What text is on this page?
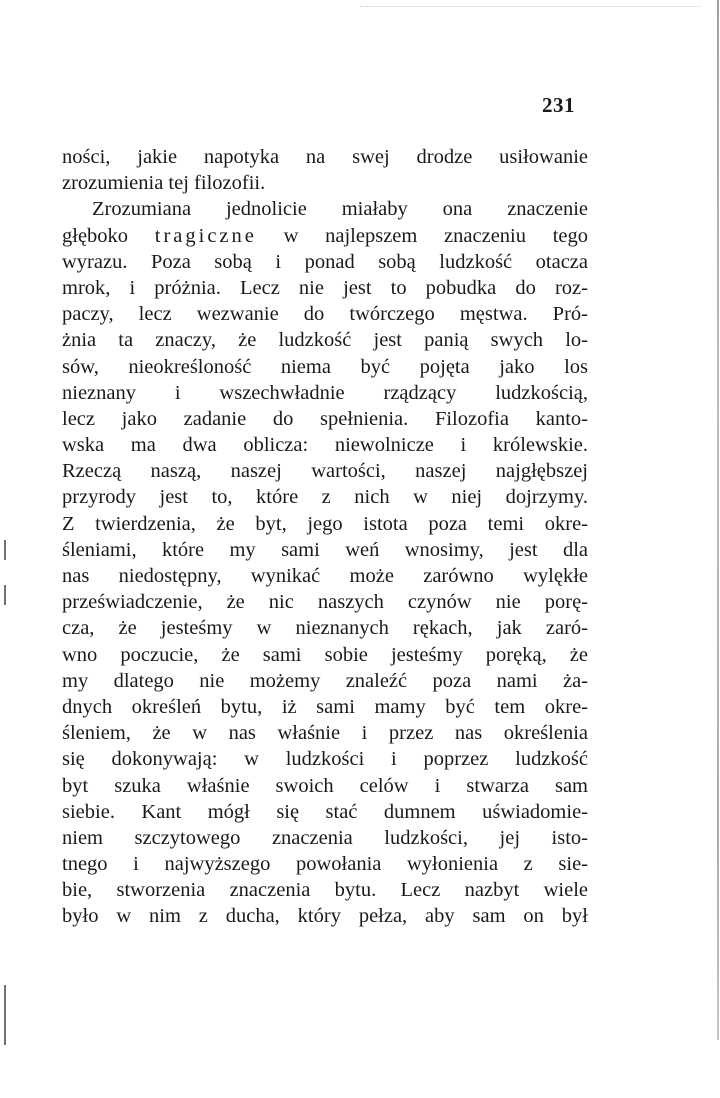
231
ności, jakie napotyka na swej drodze usiłowanie
zrozumienia tej filozofii.
Zrozumiana jednolicie miałaby ona znaczenie
głęboko tragiczne w najlepszem znaczeniu tego
wyrazu. Poza sobą i ponad sobą ludzkość otacza
mrok, i próżnia. Lecz nie jest to pobudka do roz-
paczy, lecz wezwanie do twórczego męstwa. Pró-
żnia ta znaczy, że ludzkość jest panią swych lo-
sów, nieokreśloność niema być pojęta jako los
nieznany i wszechwładnie rządzący ludzkością,
lecz jako zadanie do spełnienia. Filozofia kanto-
wska ma dwa oblicza: niewolnicze i królewskie.
Rzeczą naszą, naszej wartości, naszej najgłębszej
przyrody jest to, które z nich w niej dojrzymy.
Z twierdzenia, że byt, jego istota poza temi okre-
śleniami, które my sami weń wnosimy, jest dla
nas niedostępny, wynikać może zarówno wylękłe
przeświadczenie, że nic naszych czynów nie porę-
cza, że jesteśmy w nieznanych rękach, jak zaró-
wno poczucie, że sami sobie jesteśmy poręką, że
my dlatego nie możemy znaleźć poza nami ża-
dnych określeń bytu, iż sami mamy być tem okre-
śleniem, że w nas właśnie i przez nas określenia
się dokonywają: w ludzkości i poprzez ludzkość
byt szuka właśnie swoich celów i stwarza sam
siebie. Kant mógł się stać dumnem uświadomie-
niem szczytowego znaczenia ludzkości, jej isto-
tnego i najwyższego powołania wyłonienia z sie-
bie, stworzenia znaczenia bytu. Lecz nazbyt wiele
było w nim z ducha, który pełza, aby sam on był
